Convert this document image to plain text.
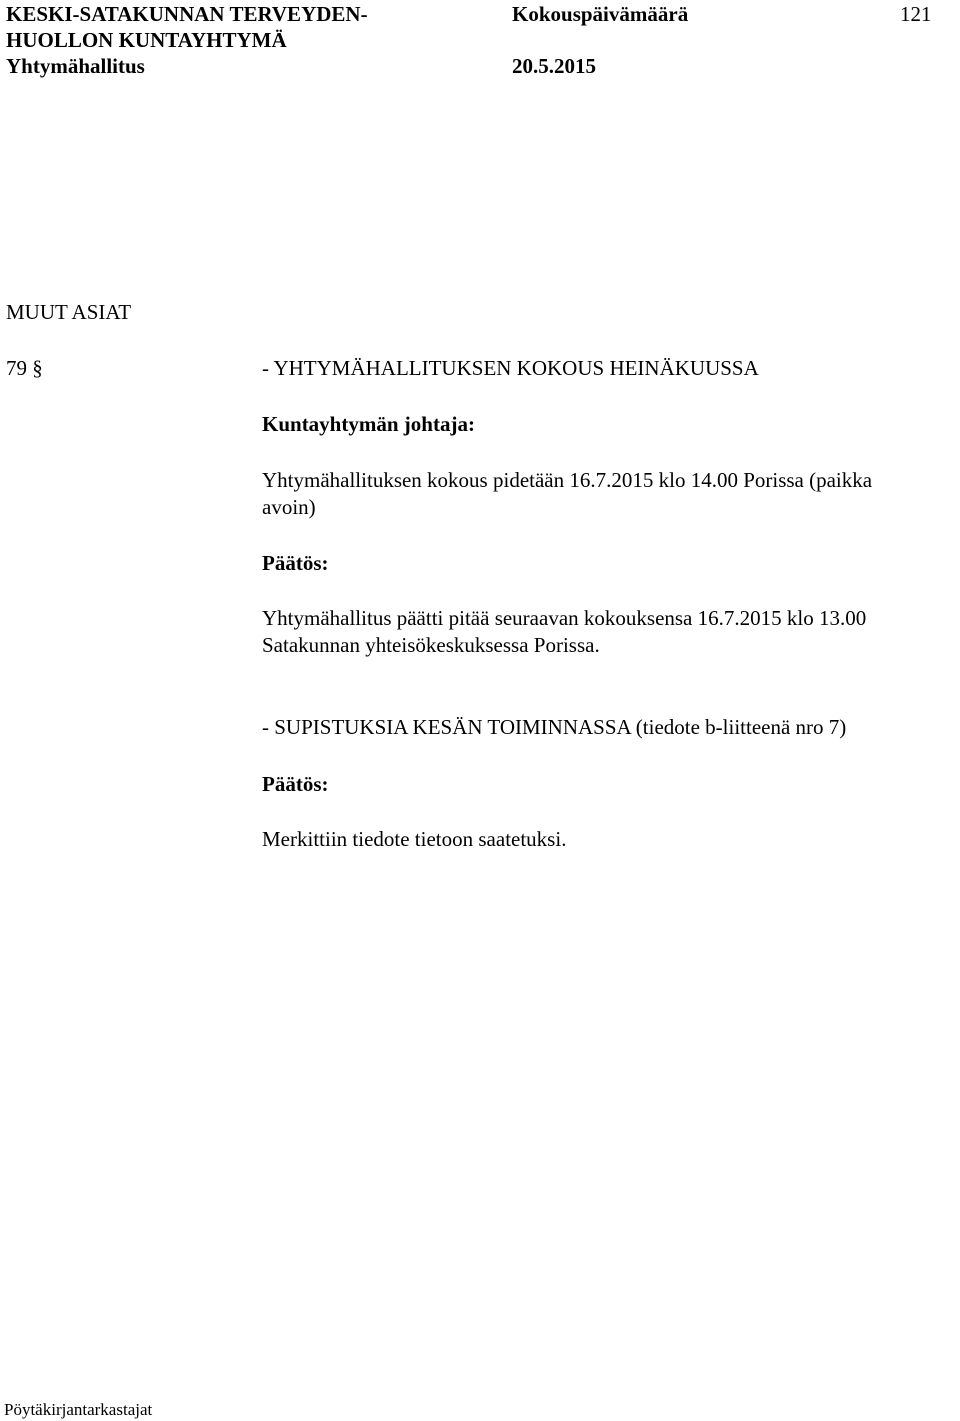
KESKI-SATAKUNNAN TERVEYDEN-
HUOLLON KUNTAYHTYMÄ
Yhtymähallitus
Kokouspäivämäärä
20.5.2015
121
MUUT ASIAT
79 §	- YHTYMÄHALLITUKSEN KOKOUS HEINÄKUUSSA
Kuntayhtymän johtaja:
Yhtymähallituksen kokous pidetään 16.7.2015 klo 14.00 Porissa (paikka
avoin)
Päätös:
Yhtymähallitus päätti pitää seuraavan kokouksensa 16.7.2015 klo 13.00
Satakunnan yhteisökeskuksessa Porissa.
- SUPISTUKSIA KESÄN TOIMINNASSA (tiedote b-liitteenä nro 7)
Päätös:
Merkittiin tiedote tietoon saatetuksi.
Pöytäkirjantarkastajat
